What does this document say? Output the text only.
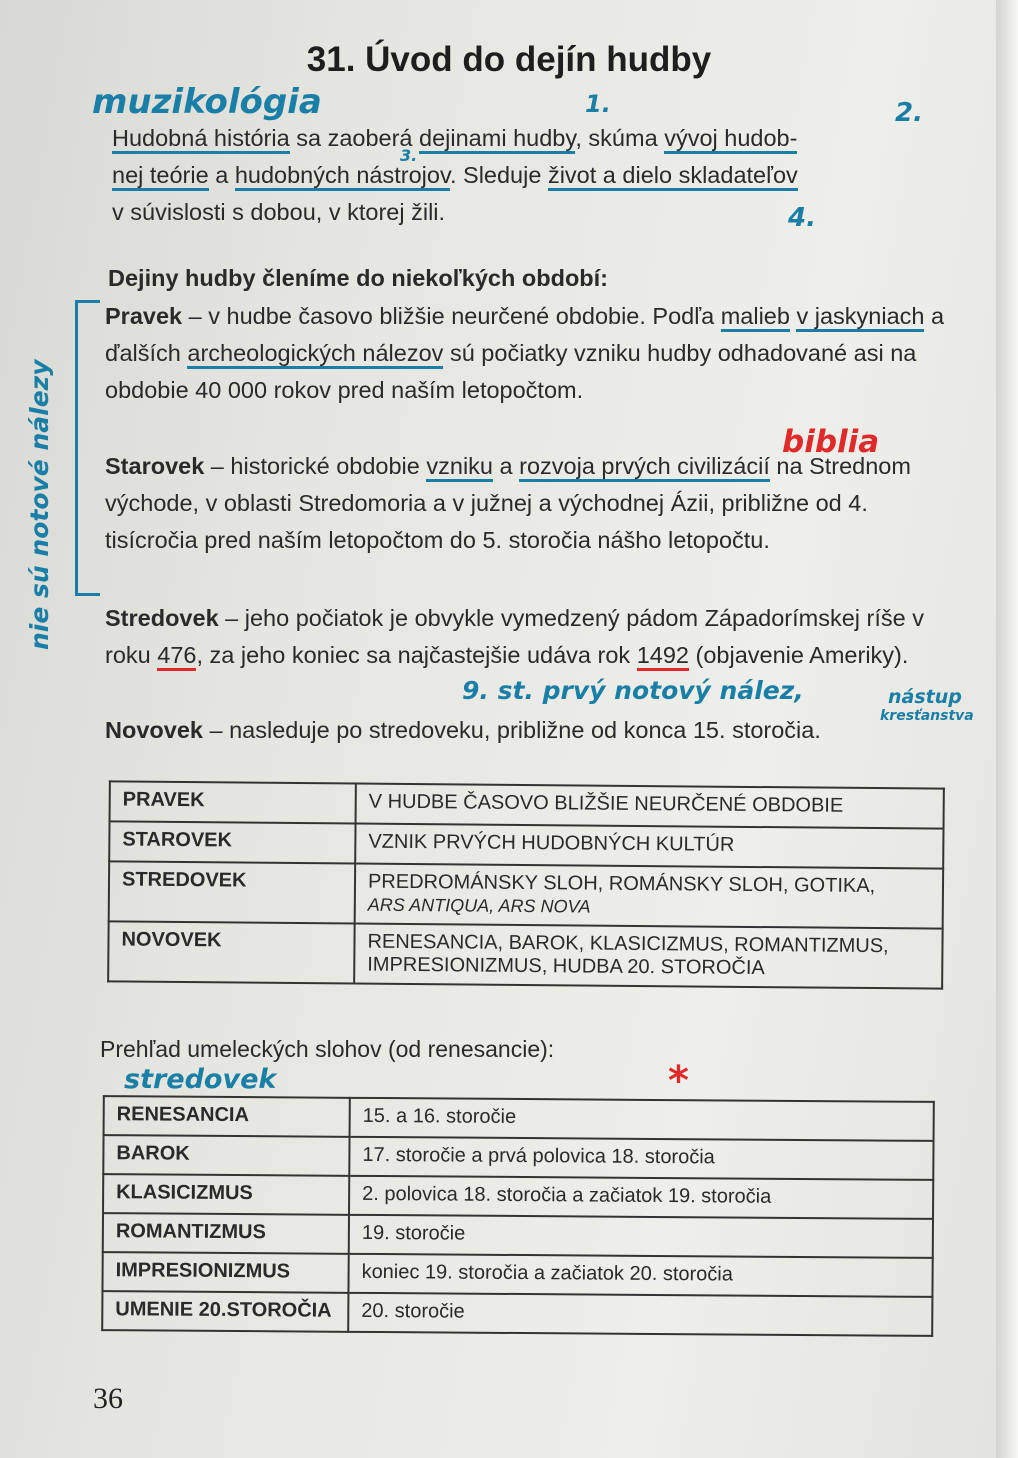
31. Úvod do dejín hudby
muzikológia	1.	2.
3.
4.
biblia
nie sú notové nálezy
Hudobná história sa zaoberá dejinami hudby, skúma vývoj hudob-
nej teórie a hudobných nástrojov. Sleduje život a dielo skladateľov
v súvislosti s dobou, v ktorej žili.
Dejiny hudby členíme do niekoľkých období:
Pravek – v hudbe časovo bližšie neurčené obdobie. Podľa malieb v jaskyniach a ďalších archeologických nálezov sú počiatky vzniku hudby odhadované asi na obdobie 40 000 rokov pred naším letopočtom.
Starovek – historické obdobie vzniku a rozvoja prvých civilizácií na Strednom východe, v oblasti Stredomoria a v južnej a východnej Ázii, približne od 4. tisícročia pred naším letopočtom do 5. storočia nášho letopočtu.
Stredovek – jeho počiatok je obvykle vymedzený pádom Západorímskej ríše v roku 476, za jeho koniec sa najčastejšie udáva rok 1492 (objavenie Ameriky).
9. st. prvý notový nález,	nástup
kresťanstva
Novovek – nasleduje po stredoveku, približne od konca 15. storočia.
PRAVEK	V HUDBE ČASOVO BLIŽŠIE NEURČENÉ OBDOBIE
STAROVEK	VZNIK PRVÝCH HUDOBNÝCH KULTÚR
STREDOVEK	PREDROMÁNSKY SLOH, ROMÁNSKY SLOH, GOTIKA,
ARS ANTIQUA, ARS NOVA
NOVOVEK	RENESANCIA, BAROK, KLASICIZMUS, ROMANTIZMUS,
IMPRESIONIZMUS, HUDBA 20. STOROČIA
Prehľad umeleckých slohov (od renesancie):
stredovek	*
RENESANCIA	15. a 16. storočie
BAROK	17. storočie a prvá polovica 18. storočia
KLASICIZMUS	2. polovica 18. storočia a začiatok 19. storočia
ROMANTIZMUS	19. storočie
IMPRESIONIZMUS	koniec 19. storočia a začiatok 20. storočia
UMENIE 20.STOROČIA	20. storočie
36
